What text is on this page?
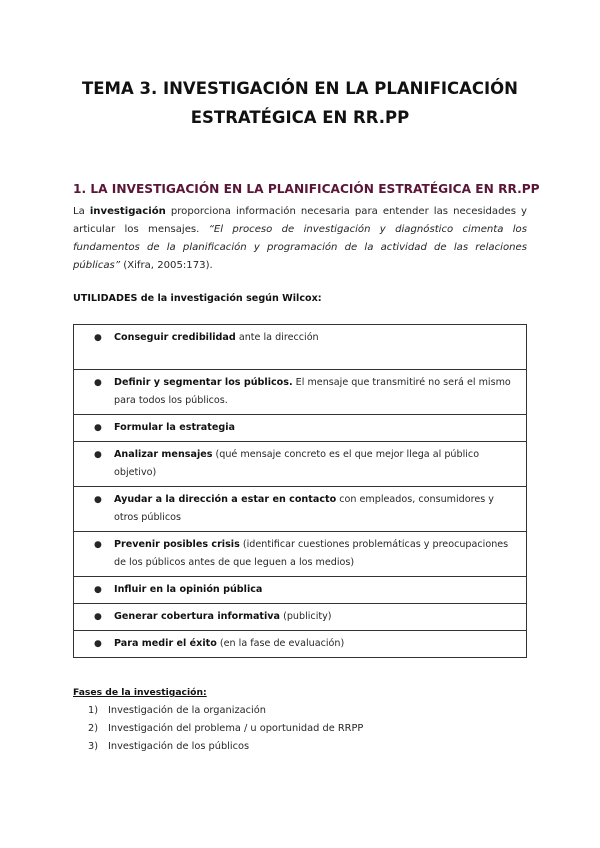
TEMA 3. INVESTIGACIÓN EN LA PLANIFICACIÓN
ESTRATÉGICA EN RR.PP
1. LA INVESTIGACIÓN EN LA PLANIFICACIÓN ESTRATÉGICA EN RR.PP
La investigación proporciona información necesaria para entender las necesidades y articular los mensajes. “El proceso de investigación y diagnóstico cimenta los fundamentos de la planificación y programación de la actividad de las relaciones públicas” (Xifra, 2005:173).
UTILIDADES de la investigación según Wilcox:
●	Conseguir credibilidad ante la dirección

●	Definir y segmentar los públicos. El mensaje que transmitiré no será el mismo para todos los públicos.

●	Formular la estrategia

●	Analizar mensajes (qué mensaje concreto es el que mejor llega al público objetivo)

●	Ayudar a la dirección a estar en contacto con empleados, consumidores y otros públicos

●	Prevenir posibles crisis (identificar cuestiones problemáticas y preocupaciones de los públicos antes de que leguen a los medios)

●	Influir en la opinión pública

●	Generar cobertura informativa (publicity)

●	Para medir el éxito (en la fase de evaluación)
Fases de la investigación:
1)	Investigación de la organización
2)	Investigación del problema / u oportunidad de RRPP
3)	Investigación de los públicos
